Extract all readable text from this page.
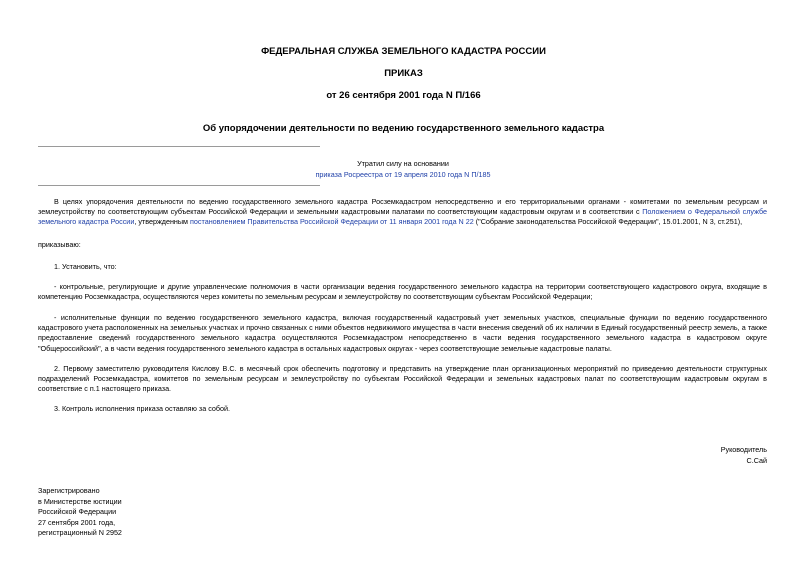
ФЕДЕРАЛЬНАЯ СЛУЖБА ЗЕМЕЛЬНОГО КАДАСТРА РОССИИ
ПРИКАЗ
от 26 сентября 2001 года N П/166
Об упорядочении деятельности по ведению государственного земельного кадастра
Утратил силу на основании
приказа Росреестра от 19 апреля 2010 года N П/185
В целях упорядочения деятельности по ведению государственного земельного кадастра Росземкадастром непосредственно и его территориальными органами - комитетами по земельным ресурсам и землеустройству по соответствующим субъектам Российской Федерации и земельными кадастровыми палатами по соответствующим кадастровым округам и в соответствии с Положением о Федеральной службе земельного кадастра России, утвержденным постановлением Правительства Российской Федерации от 11 января 2001 года N 22 ("Собрание законодательства Российской Федерации", 15.01.2001, N 3, ст.251),
приказываю:
1. Установить, что:
- контрольные, регулирующие и другие управленческие полномочия в части организации ведения государственного земельного кадастра на территории соответствующего кадастрового округа, входящие в компетенцию Росземкадастра, осуществляются через комитеты по земельным ресурсам и землеустройству по соответствующим субъектам Российской Федерации;
- исполнительные функции по ведению государственного земельного кадастра, включая государственный кадастровый учет земельных участков, специальные функции по ведению государственного кадастрового учета расположенных на земельных участках и прочно связанных с ними объектов недвижимого имущества в части внесения сведений об их наличии в Единый государственный реестр земель, а также предоставление сведений государственного земельного кадастра осуществляются Росземкадастром непосредственно в части ведения государственного земельного кадастра в кадастровом округе "Общероссийский", а в части ведения государственного земельного кадастра в остальных кадастровых округах - через соответствующие земельные кадастровые палаты.
2. Первому заместителю руководителя Кислову В.С. в месячный срок обеспечить подготовку и представить на утверждение план организационных мероприятий по приведению деятельности структурных подразделений Росземкадастра, комитетов по земельным ресурсам и землеустройству по субъектам Российской Федерации и земельных кадастровых палат по соответствующим кадастровым округам в соответствие с п.1 настоящего приказа.
3. Контроль исполнения приказа оставляю за собой.
Руководитель
С.Сай
Зарегистрировано
в Министерстве юстиции
Российской Федерации
27 сентября 2001 года,
регистрационный N 2952
